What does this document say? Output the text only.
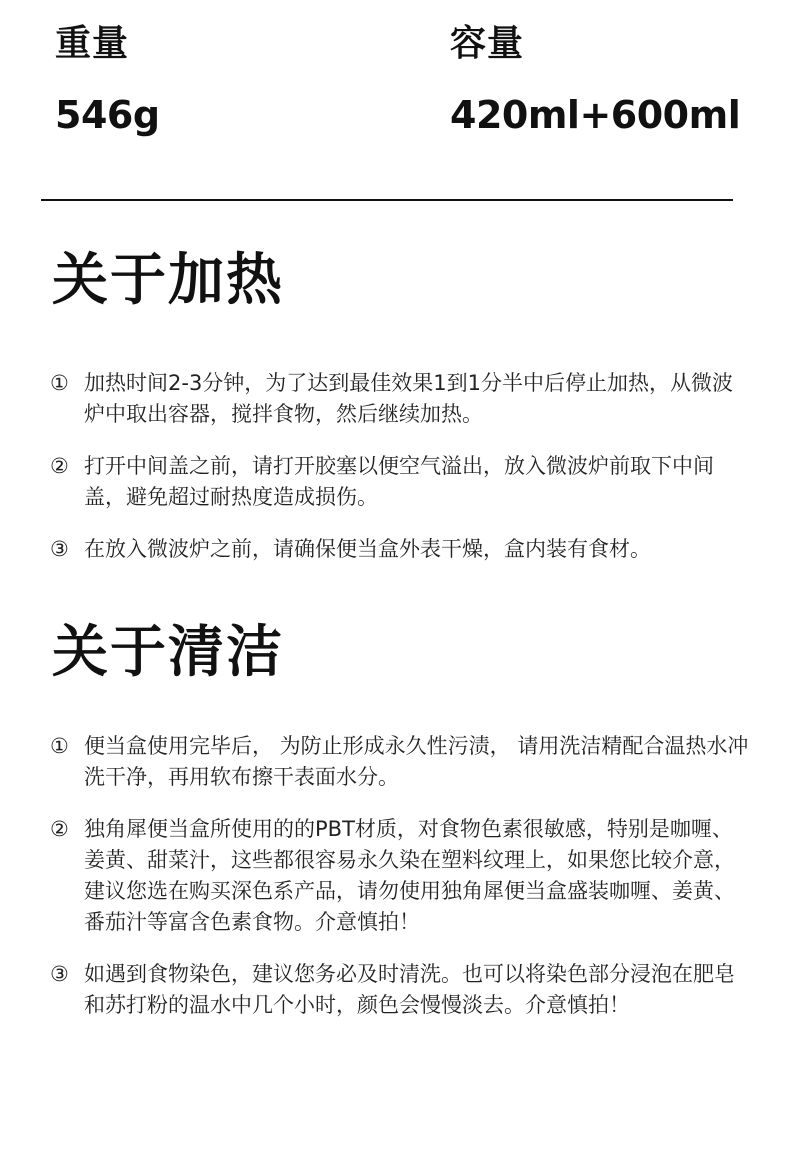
重量
546g
容量
420ml+600ml
关于加热
① 加热时间2-3分钟，为了达到最佳效果1到1分半中后停止加热，从微波炉中取出容器，搅拌食物，然后继续加热。
② 打开中间盖之前，请打开胶塞以便空气溢出，放入微波炉前取下中间盖，避免超过耐热度造成损伤。
③ 在放入微波炉之前，请确保便当盒外表干燥，盒内装有食材。
关于清洁
① 便当盒使用完毕后， 为防止形成永久性污渍， 请用洗洁精配合温热水冲洗干净，再用软布擦干表面水分。
② 独角犀便当盒所使用的的PBT材质，对食物色素很敏感，特别是咖喱、姜黄、甜菜汁，这些都很容易永久染在塑料纹理上，如果您比较介意，建议您选在购买深色系产品，请勿使用独角犀便当盒盛装咖喱、姜黄、番茄汁等富含色素食物。介意慎拍！
③ 如遇到食物染色，建议您务必及时清洗。也可以将染色部分浸泡在肥皂和苏打粉的温水中几个小时，颜色会慢慢淡去。介意慎拍！
